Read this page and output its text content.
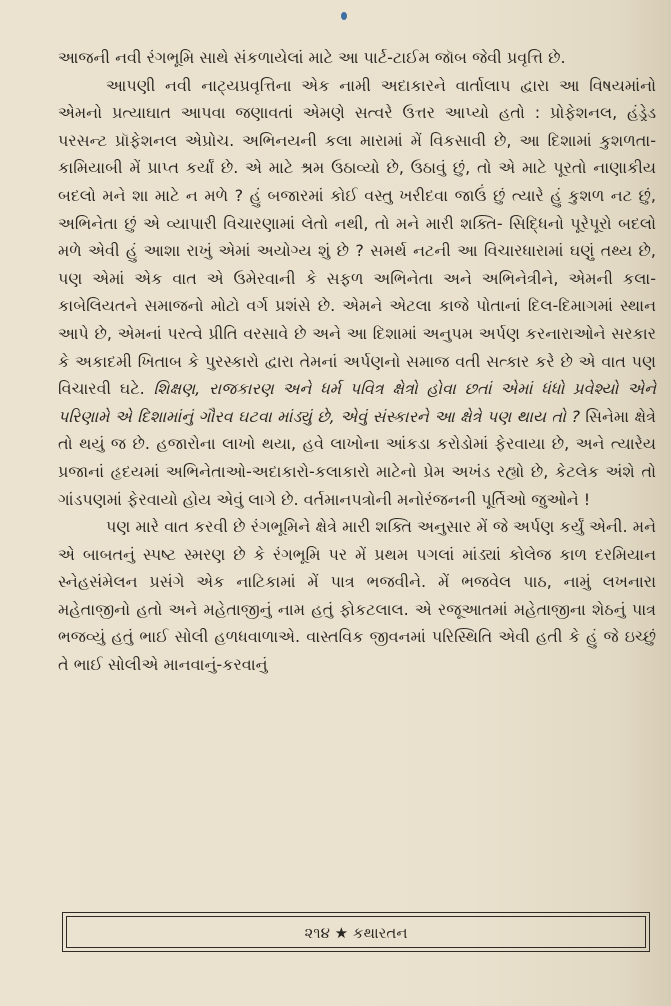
આજની નવી રંગભૂમિ સાથે સંકળાયેલાં માટે આ પાર્ટ-ટાઈમ જૉબ જેવી પ્રવૃત્તિ છે.

આપણી નવી નાટ્યપ્રવૃત્તિના એક નામી અદાકારને વાર્તાલાપ દ્વારા આ વિષયમાંનો એમનો પ્રત્યાઘાત આપવા જણાવતાં એમણે સત્વરે ઉત્તર આપ્યો હતો : પ્રોફેશનલ, હંડ્રેડ પરસન્ટ પ્રૉફેશનલ એપ્રોચ. અભિનયની કલા મારામાં મેં વિકસાવી છે, આ દિશામાં કુશળતા-કામિયાબી મેં પ્રાપ્ત કર્યાં છે. એ માટે શ્રમ ઉઠાવ્યો છે, ઉઠાવું છું, તો એ માટે પૂરતો નાણાકીય બદલો મને શા માટે ન મળે ? હું બજારમાં કોઈ વસ્તુ ખરીદવા જાઉં છું ત્યારે હું કુશળ નટ છું, અભિનેતા છું એ વ્યાપારી વિચારણામાં લેતો નથી, તો મને મારી શક્તિ- સિદ્ધિનો પૂરેપૂરો બદલો મળે એવી હું આશા રાખું એમાં અયોગ્ય શું છે ? સમર્થ નટની આ વિચારધારામાં ઘણું તથ્ય છે, પણ એમાં એક વાત એ ઉમેરવાની કે સફળ અભિનેતા અને અભિનેત્રીને, એમની કલા-કાબેલિયતને સમાજનો મોટો વર્ગ પ્રશંસે છે. એમને એટલા કાજે પોતાનાં દિલ-દિમાગમાં સ્થાન આપે છે, એમનાં પરત્વે પ્રીતિ વરસાવે છે અને આ દિશામાં અનુપમ અર્પણ કરનારાઓને સરકાર કે અકાદમી ખિતાબ કે પુરસ્કારો દ્વારા તેમનાં અર્પણનો સમાજ વતી સત્કાર કરે છે એ વાત પણ વિચારવી ઘટે. શિક્ષણ, રાજકારણ અને ધર્મ પવિત્ર ક્ષેત્રો હોવા છતાં એમાં ધંધો પ્રવેશ્યો એને પરિણામે એ દિશામાંનું ગૌરવ ઘટવા માંડ્યું છે, એવું સંસ્કારને આ ક્ષેત્રે પણ થાય તો ? સિનેમા ક્ષેત્રે તો થયું જ છે. હજારોના લાખો થયા, હવે લાખોના આંકડા કરોડોમાં ફેરવાયા છે, અને ત્યારેય પ્રજાનાં હૃદયમાં અભિનેતાઓ-અદાકારો-કલાકારો માટેનો પ્રેમ અખંડ રહ્યો છે, કેટલેક અંશે તો ગાંડપણમાં ફેરવાયો હોય એવું લાગે છે. વર્તમાનપત્રોની મનોરંજનની પૂર્તિઓ જુઓને !

પણ મારે વાત કરવી છે રંગભૂમિને ક્ષેત્રે મારી શક્તિ અનુસાર મેં જે અર્પણ કર્યું એની. મને એ બાબતનું સ્પષ્ટ સ્મરણ છે કે રંગભૂમિ પર મેં પ્રથમ પગલાં માંડ્યાં કોલેજ કાળ દરમિયાન સ્નેહસંમેલન પ્રસંગે એક નાટિકામાં મેં પાત્ર ભજવીને. મેં ભજવેલ પાઠ, નામું લખનારા મહેતાજીનો હતો અને મહેતાજીનું નામ હતું ફોકટલાલ. એ રજૂઆતમાં મહેતાજીના શેઠનું પાત્ર ભજવ્યું હતું ભાઈ સોલી હળધવાળાએ. વાસ્તવિક જીવનમાં પરિસ્થિતિ એવી હતી કે હું જે ઇચ્છું તે ભાઈ સોલીએ માનવાનું-કરવાનું

૨૧૪ ★ કથારતન
